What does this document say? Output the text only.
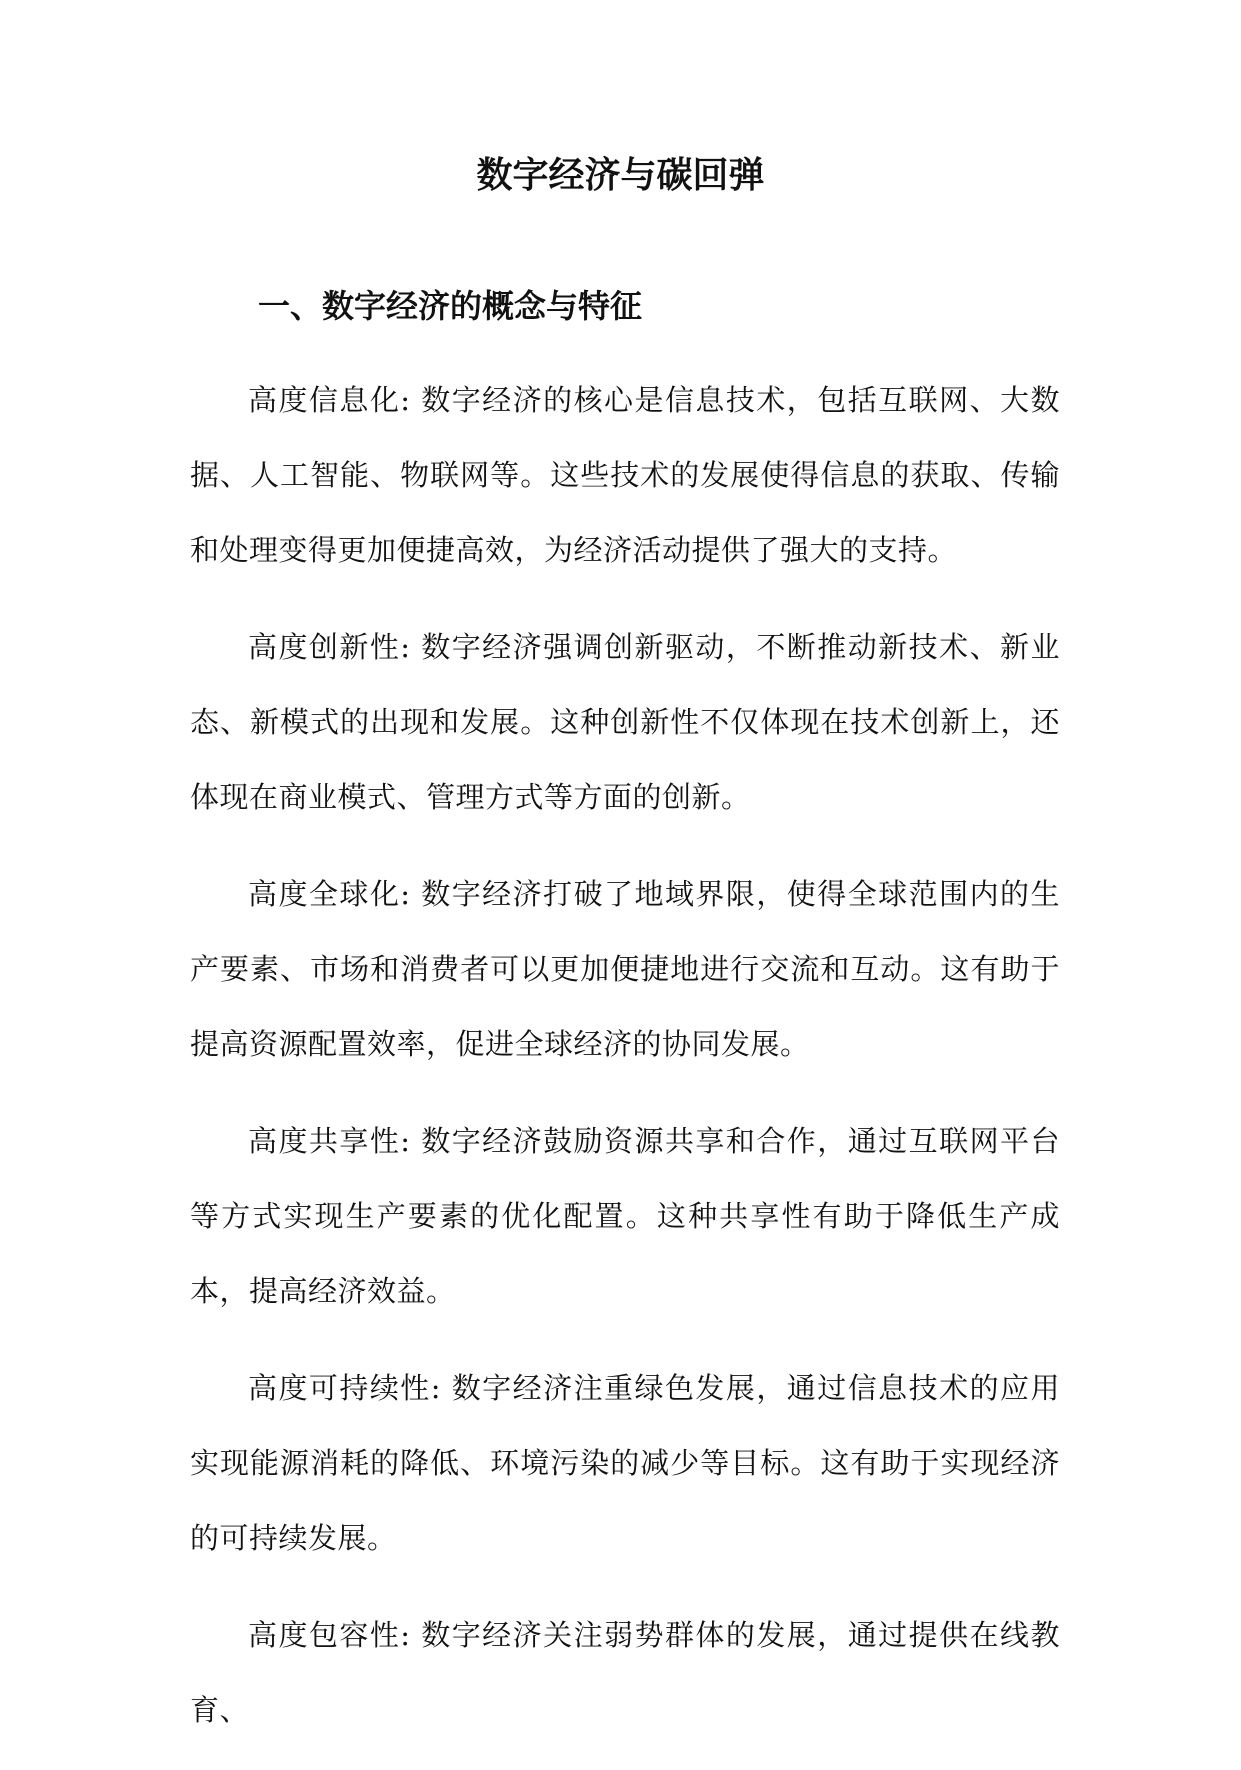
数字经济与碳回弹
一、数字经济的概念与特征

高度信息化: 数字经济的核心是信息技术，包括互联网、大数据、人工智能、物联网等。这些技术的发展使得信息的获取、传输和处理变得更加便捷高效，为经济活动提供了强大的支持。

高度创新性: 数字经济强调创新驱动，不断推动新技术、新业态、新模式的出现和发展。这种创新性不仅体现在技术创新上，还体现在商业模式、管理方式等方面的创新。

高度全球化: 数字经济打破了地域界限，使得全球范围内的生产要素、市场和消费者可以更加便捷地进行交流和互动。这有助于提高资源配置效率，促进全球经济的协同发展。

高度共享性: 数字经济鼓励资源共享和合作，通过互联网平台等方式实现生产要素的优化配置。这种共享性有助于降低生产成本，提高经济效益。

高度可持续性: 数字经济注重绿色发展，通过信息技术的应用实现能源消耗的降低、环境污染的减少等目标。这有助于实现经济的可持续发展。

高度包容性: 数字经济关注弱势群体的发展，通过提供在线教育、
